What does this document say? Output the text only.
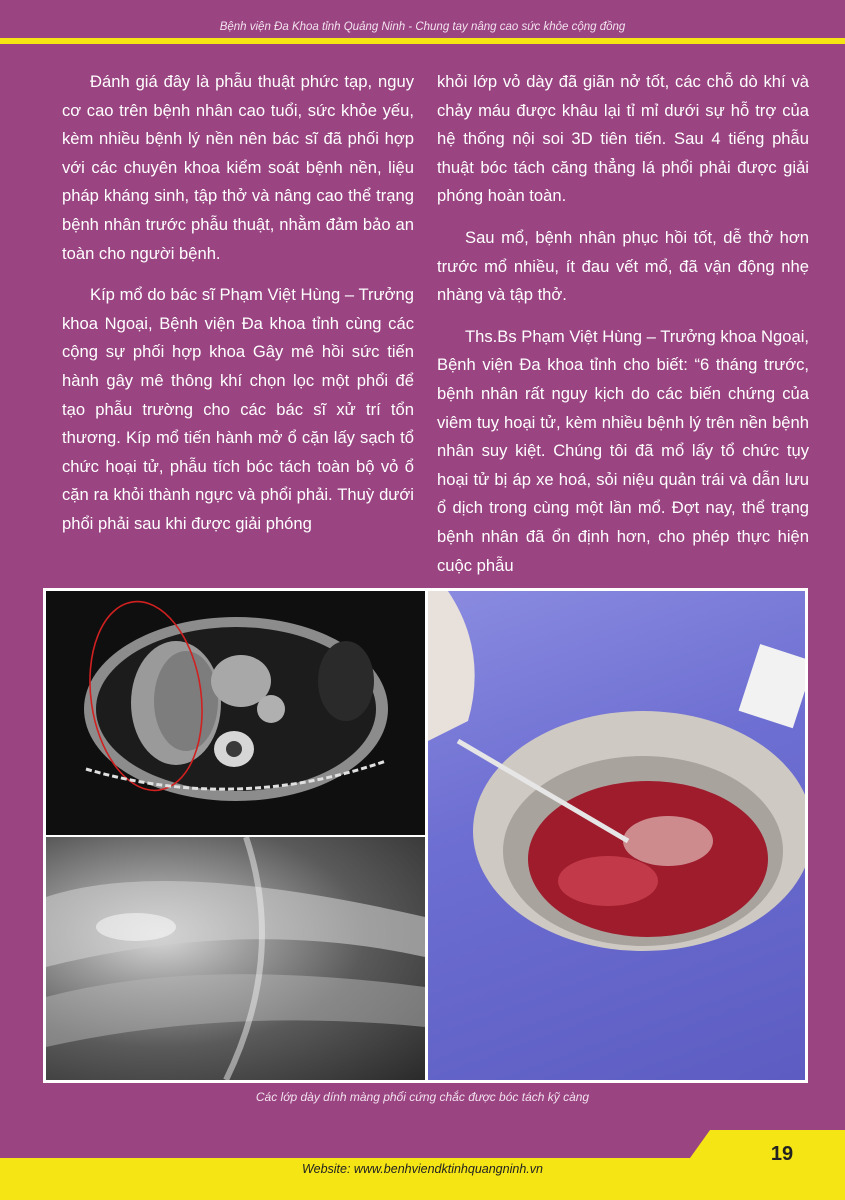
Bệnh viện Đa Khoa tỉnh Quảng Ninh - Chung tay nâng cao sức khỏe cộng đồng

Đánh giá đây là phẫu thuật phức tạp, nguy cơ cao trên bệnh nhân cao tuổi, sức khỏe yếu, kèm nhiều bệnh lý nền nên bác sĩ đã phối hợp với các chuyên khoa kiểm soát bệnh nền, liệu pháp kháng sinh, tập thở và nâng cao thể trạng bệnh nhân trước phẫu thuật, nhằm đảm bảo an toàn cho người bệnh.

Kíp mổ do bác sĩ Phạm Việt Hùng – Trưởng khoa Ngoại, Bệnh viện Đa khoa tỉnh cùng các cộng sự phối hợp khoa Gây mê hồi sức tiến hành gây mê thông khí chọn lọc một phổi để tạo phẫu trường cho các bác sĩ xử trí tổn thương. Kíp mổ tiến hành mở ổ cặn lấy sạch tổ chức hoại tử, phẫu tích bóc tách toàn bộ vỏ ổ cặn ra khỏi thành ngực và phổi phải. Thuỳ dưới phổi phải sau khi được giải phóng

khỏi lớp vỏ dày đã giãn nở tốt, các chỗ dò khí và chảy máu được khâu lại tỉ mỉ dưới sự hỗ trợ của hệ thống nội soi 3D tiên tiến. Sau 4 tiếng phẫu thuật bóc tách căng thẳng lá phổi phải được giải phóng hoàn toàn.

Sau mổ, bệnh nhân phục hồi tốt, dễ thở hơn trước mổ nhiều, ít đau vết mổ, đã vận động nhẹ nhàng và tập thở.

Ths.Bs Phạm Việt Hùng – Trưởng khoa Ngoại, Bệnh viện Đa khoa tỉnh cho biết: “6 tháng trước, bệnh nhân rất nguy kịch do các biến chứng của viêm tuỵ hoại tử, kèm nhiều bệnh lý trên nền bệnh nhân suy kiệt. Chúng tôi đã mổ lấy tổ chức tụy hoại tử bị áp xe hoá, sỏi niệu quản trái và dẫn lưu ổ dịch trong cùng một lần mổ. Đợt nay, thể trạng bệnh nhân đã ổn định hơn, cho phép thực hiện cuộc phẫu

Các lớp dày dính màng phổi cứng chắc được bóc tách kỹ càng
19
Website: www.benhviendktinhquangninh.vn
